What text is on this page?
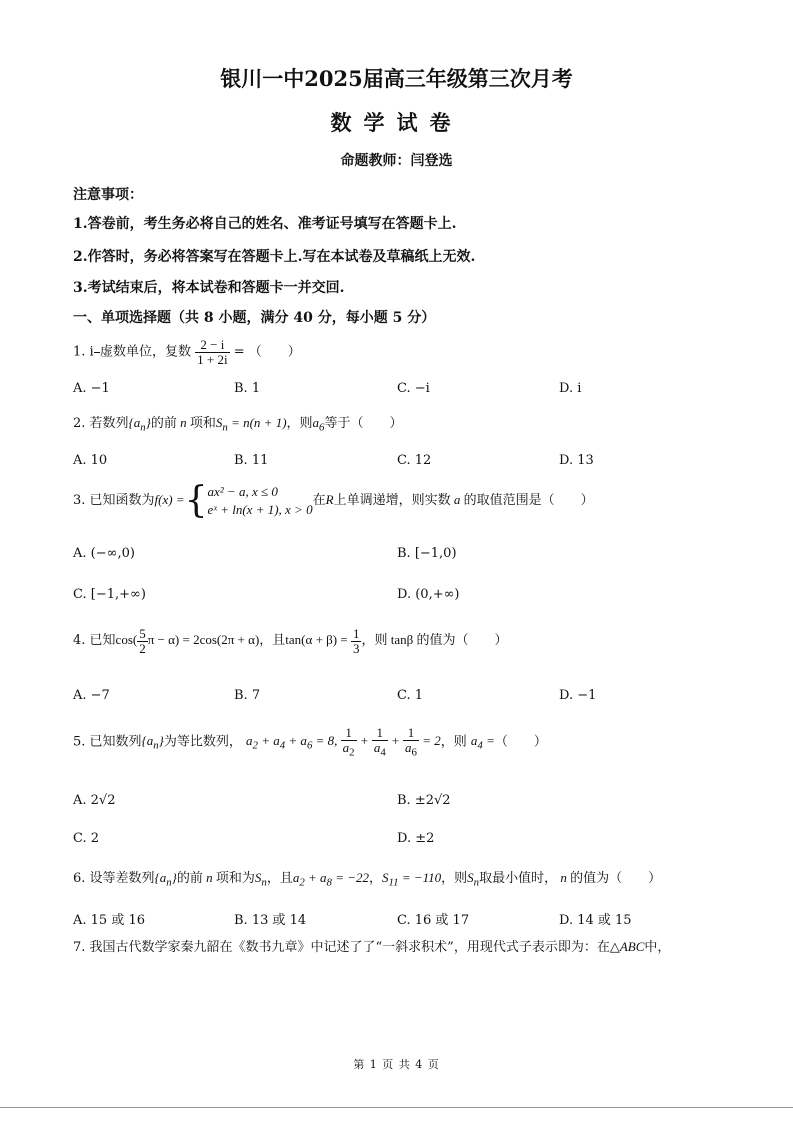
银川一中2025届高三年级第三次月考
数学试卷
命题教师：闫登选
注意事项：
1.答卷前，考生务必将自己的姓名、准考证号填写在答题卡上.
2.作答时，务必将答案写在答题卡上.写在本试卷及草稿纸上无效.
3.考试结束后，将本试卷和答题卡一并交回.
一、单项选择题（共 8 小题，满分 40 分，每小题 5 分）
1. i

虚数单位，复数 $\frac{2 - i}{1 + 2i}$ = （　　）
A. −1	B. 1	C. −i	D. i
2. 若数列$\{a_n\}$的前 n 项和$S_n = n(n + 1)$，则$a_6$等于（　　）
A. 10	B. 11	C. 12	D. 13
3. 已知函数为f(x) ={ ax² − a, x ≤ 0
eˣ + ln(x + 1), x > 0
在R上单调递增，则实数 a 的取值范围是（　　）
A. (−∞,0)	B. [−1,0)
C. [−1,+∞)	D. (0,+∞)
4. 已知$\cos( \frac{5}{2}$ π − α) = 2cos(2π + α)，且$\tan(\alpha + \beta) = \frac{1}{3}$ ，则 tanβ 的值为（　　）
A. −7	B. 7	C. 1	D. −1
5. 已知数列$\{a_n\}$为等比数列， $a_2 + a_4 + a_6 = 8$, $\frac{1}{a_2} + \frac{1}{a_4} + \frac{1}{a_6} = 2$，则 $a_4$ =（　　）
A. 2√2	B. ±2√2
C. 2	D. ±2
6. 设等差数列$\{a_n\}$的前 n 项和为$S_n$，且$a_2 + a_8 = -22$，$S_{11} = -110$，则$S_n$取最小值时， n 的值为（　　）
A. 15 或 16	B. 13 或 14	C. 16 或 17	D. 14 或 15
7. 我国古代数学家秦九韶在《数书九章》中记述了了“一斜求积术”，用现代式子表示即为：在△ABC中，
第 1 页 共 4 页
